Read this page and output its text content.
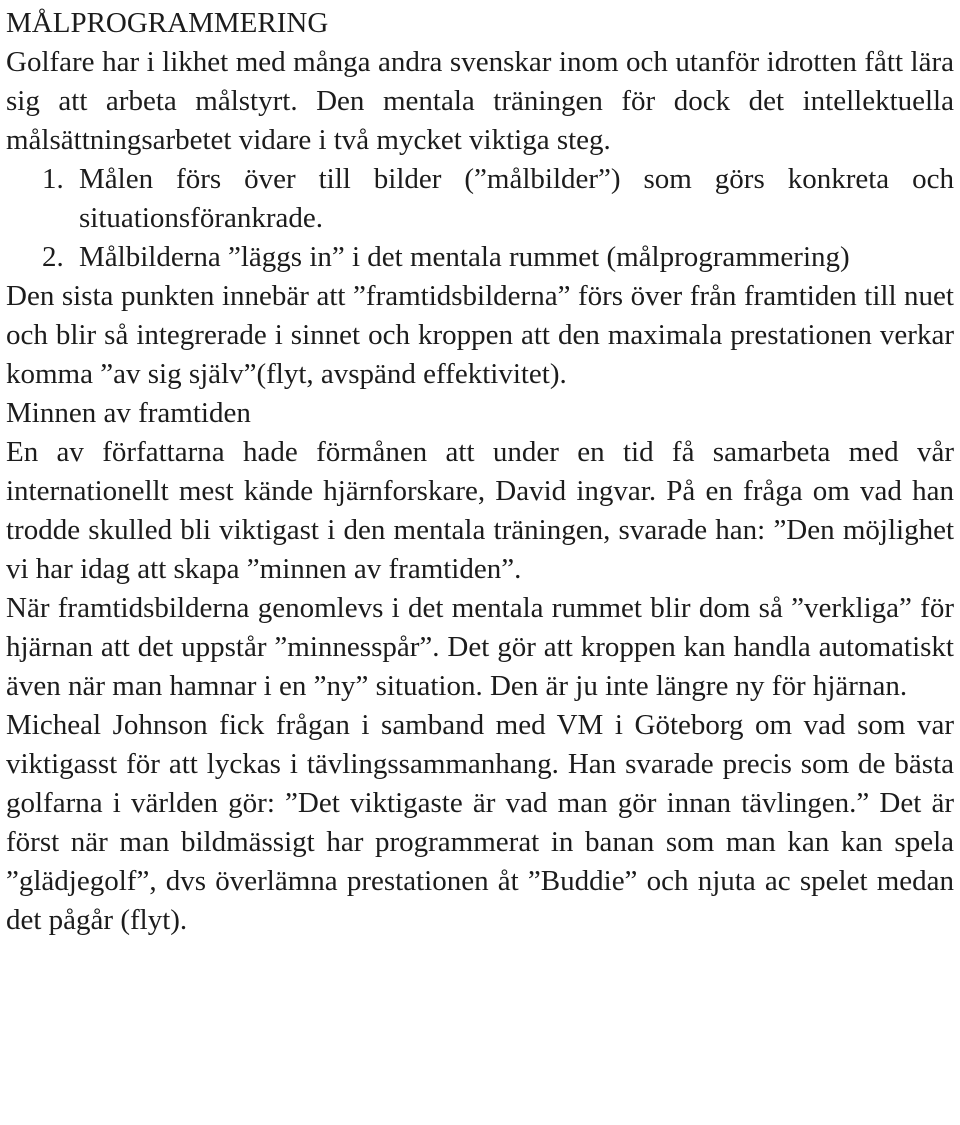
MÅLPROGRAMMERING

Golfare har i likhet med många andra svenskar inom och utanför idrotten fått lära sig att arbeta målstyrt. Den mentala träningen för dock det intellektuella målsättningsarbetet vidare i två mycket viktiga steg.

1. Målen förs över till bilder (”målbilder”) som görs konkreta och situationsförankrade.
2. Målbilderna ”läggs in” i det mentala rummet (målprogrammering)

Den sista punkten innebär att ”framtidsbilderna” förs över från framtiden till nuet och blir så integrerade i sinnet och kroppen att den maximala prestationen verkar komma ”av sig själv”(flyt, avspänd effektivitet).

Minnen av framtiden

En av författarna hade förmånen att under en tid få samarbeta med vår internationellt mest kände hjärnforskare, David ingvar. På en fråga om vad han trodde skulled bli viktigast i den mentala träningen, svarade han: ”Den möjlighet vi har idag att skapa ”minnen av framtiden”.

När framtidsbilderna genomlevs i det mentala rummet blir dom så ”verkliga” för hjärnan att det uppstår ”minnesspår”. Det gör att kroppen kan handla automatiskt även när man hamnar i en ”ny” situation. Den är ju inte längre ny för hjärnan.

Micheal Johnson fick frågan i samband med VM i Göteborg om vad som var viktigasst för att lyckas i tävlingssammanhang. Han svarade precis som de bästa golfarna i världen gör: ”Det viktigaste är vad man gör innan tävlingen.” Det är först när man bildmässigt har programmerat in banan som man kan kan spela ”glädjegolf”, dvs överlämna prestationen åt ”Buddie” och njuta ac spelet medan det pågår (flyt).
